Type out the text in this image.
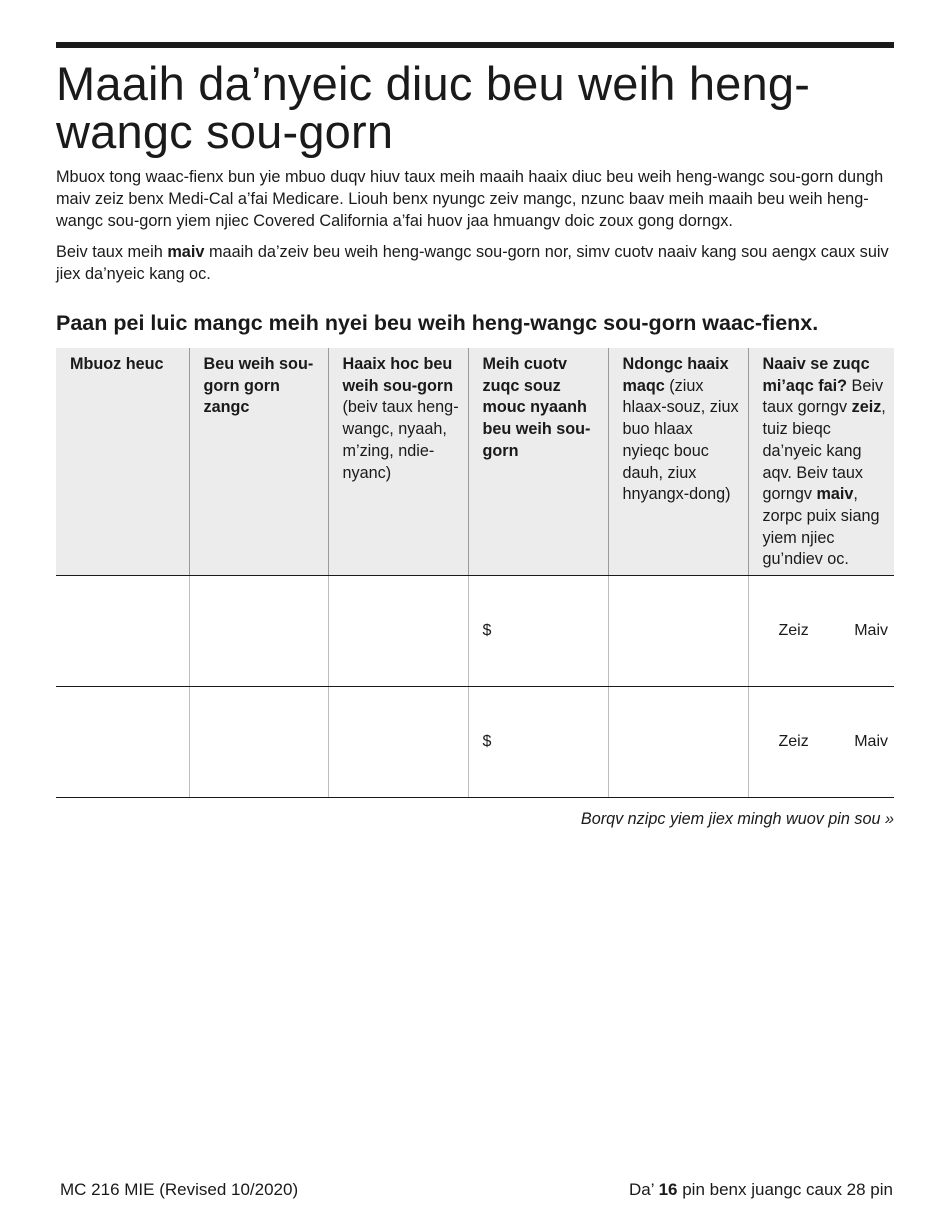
Maaih da’nyeic diuc beu weih heng-wangc sou-gorn

Mbuox tong waac-fienx bun yie mbuo duqv hiuv taux meih maaih haaix diuc beu weih heng-wangc sou-gorn dungh maiv zeiz benx Medi-Cal a’fai Medicare. Liouh benx nyungc zeiv mangc, nzunc baav meih maaih beu weih heng-wangc sou-gorn yiem njiec Covered California a’fai huov jaa hmuangv doic zoux gong dorngx.

Beiv taux meih maiv maaih da’zeiv beu weih heng-wangc sou-gorn nor, simv cuotv naaiv kang sou aengx caux suiv jiex da’nyeic kang oc.

Paan pei luic mangc meih nyei beu weih heng-wangc sou-gorn waac-fienx.
Mbuoz heuc	Beu weih sou-gorn gorn zangc	Haaix hoc beu weih sou-gorn (beiv taux heng-wangc, nyaah, m’zing, ndie-nyanc)	Meih cuotv zuqc souz mouc nyaanh beu weih sou-gorn	Ndongc haaix maqc (ziux hlaax-souz, ziux buo hlaax nyieqc bouc dauh, ziux hnyangx-dong)	Naaiv se zuqc mi’aqc fai? Beiv taux gorngv zeiz, tuiz bieqc da’nyeic kang aqv. Beiv taux gorngv maiv, zorpc puix siang yiem njiec gu’ndiev oc.
			$		Zeiz Maiv

			$		Zeiz Maiv
Borqv nzipc yiem jiex mingh wuov pin sou »
MC 216 MIE (Revised 10/2020)	Da’ 16 pin benx juangc caux 28 pin
